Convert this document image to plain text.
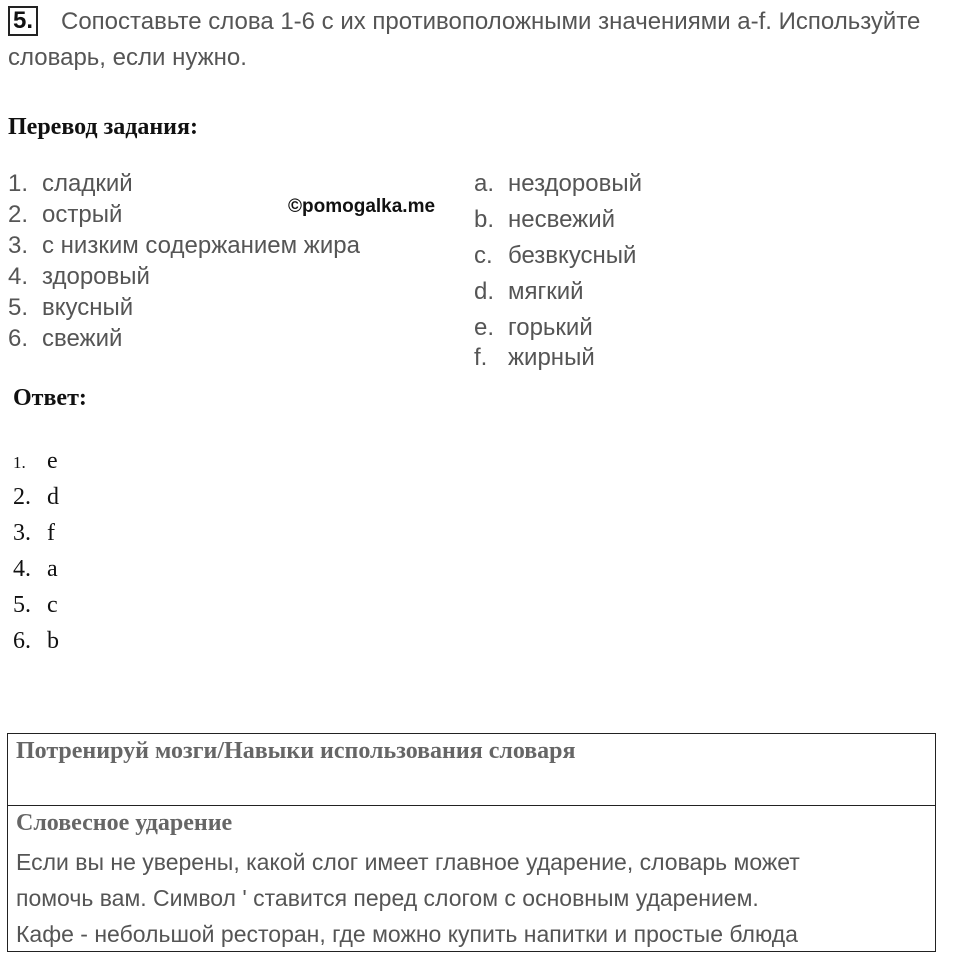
5.	Сопоставьте слова 1-6 с их противоположными значениями a-f. Используйте словарь, если нужно.

Перевод задания:
©pomogalka.me
1. сладкий
2. острый
3. с низким содержанием жира
4. здоровый
5. вкусный
6. свежий
a. нездоровый
b. несвежий
c. безвкусный
d. мягкий
e. горький
f. жирный
Ответ:
1. e
2. d
3. f
4. a
5. c
6. b
Потренируй мозги/Навыки использования словаря
Словесное ударение

Если вы не уверены, какой слог имеет главное ударение, словарь может
помочь вам. Символ ' ставится перед слогом с основным ударением.
Кафе - небольшой ресторан, где можно купить напитки и простые блюда
